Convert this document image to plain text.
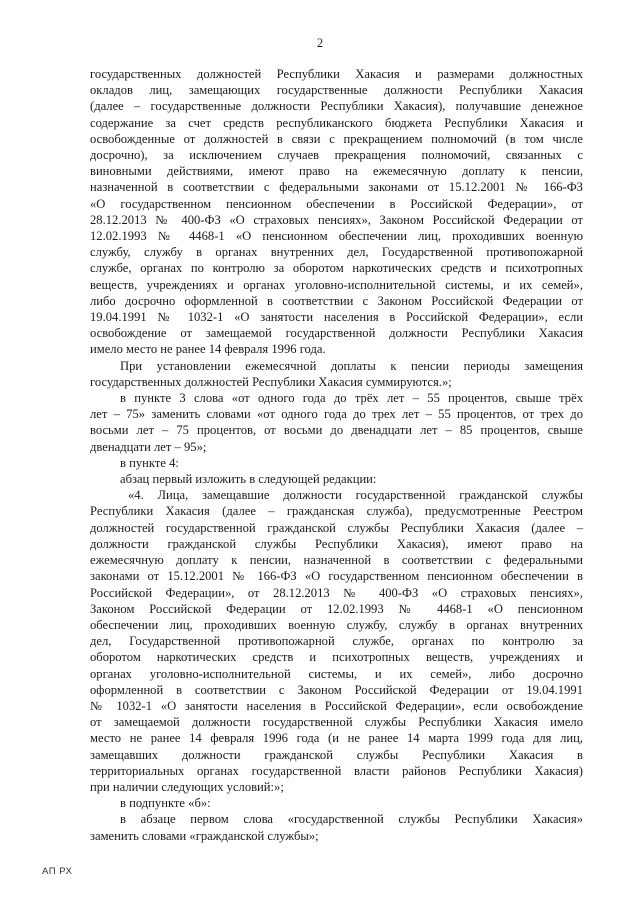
2

государственных должностей Республики Хакасия и размерами должностных

окладов лиц, замещающих государственные должности Республики Хакасия

(далее – государственные должности Республики Хакасия), получавшие денежное

содержание за счет средств республиканского бюджета Республики Хакасия и

освобожденные от должностей в связи с прекращением полномочий (в том числе

досрочно), за исключением случаев прекращения полномочий, связанных с

виновными действиями, имеют право на ежемесячную доплату к пенсии,

назначенной в соответствии с федеральными законами от 15.12.2001 № 166-ФЗ

«О государственном пенсионном обеспечении в Российской Федерации», от

28.12.2013 № 400-ФЗ «О страховых пенсиях», Законом Российской Федерации от

12.02.1993 № 4468-1 «О пенсионном обеспечении лиц, проходивших военную

службу, службу в органах внутренних дел, Государственной противопожарной

службе, органах по контролю за оборотом наркотических средств и психотропных

веществ, учреждениях и органах уголовно-исполнительной системы, и их семей»,

либо досрочно оформленной в соответствии с Законом Российской Федерации от

19.04.1991 № 1032-1 «О занятости населения в Российской Федерации», если

освобождение от замещаемой государственной должности Республики Хакасия

имело место не ранее 14 февраля 1996 года.

При установлении ежемесячной доплаты к пенсии периоды замещения

государственных должностей Республики Хакасия суммируются.»;

в пункте 3 слова «от одного года до трёх лет – 55 процентов, свыше трёх

лет – 75» заменить словами «от одного года до трех лет – 55 процентов, от трех до

восьми лет – 75 процентов, от восьми до двенадцати лет – 85 процентов, свыше

двенадцати лет – 95»;

в пункте 4:

абзац первый изложить в следующей редакции:

«4. Лица, замещавшие должности государственной гражданской службы

Республики Хакасия (далее – гражданская служба), предусмотренные Реестром

должностей государственной гражданской службы Республики Хакасия (далее –

должности гражданской службы Республики Хакасия), имеют право на

ежемесячную доплату к пенсии, назначенной в соответствии с федеральными

законами от 15.12.2001 № 166-ФЗ «О государственном пенсионном обеспечении в

Российской Федерации», от 28.12.2013 № 400-ФЗ «О страховых пенсиях»,

Законом Российской Федерации от 12.02.1993 № 4468-1 «О пенсионном

обеспечении лиц, проходивших военную службу, службу в органах внутренних

дел, Государственной противопожарной службе, органах по контролю за

оборотом наркотических средств и психотропных веществ, учреждениях и

органах уголовно-исполнительной системы, и их семей», либо досрочно

оформленной в соответствии с Законом Российской Федерации от 19.04.1991

№ 1032-1 «О занятости населения в Российской Федерации», если освобождение

от замещаемой должности государственной службы Республики Хакасия имело

место не ранее 14 февраля 1996 года (и не ранее 14 марта 1999 года для лиц,

замещавших должности гражданской службы Республики Хакасия в

территориальных органах государственной власти районов Республики Хакасия)

при наличии следующих условий:»;

в подпункте «б»:

в абзаце первом слова «государственной службы Республики Хакасия»

заменить словами «гражданской службы»;

АП РХ
